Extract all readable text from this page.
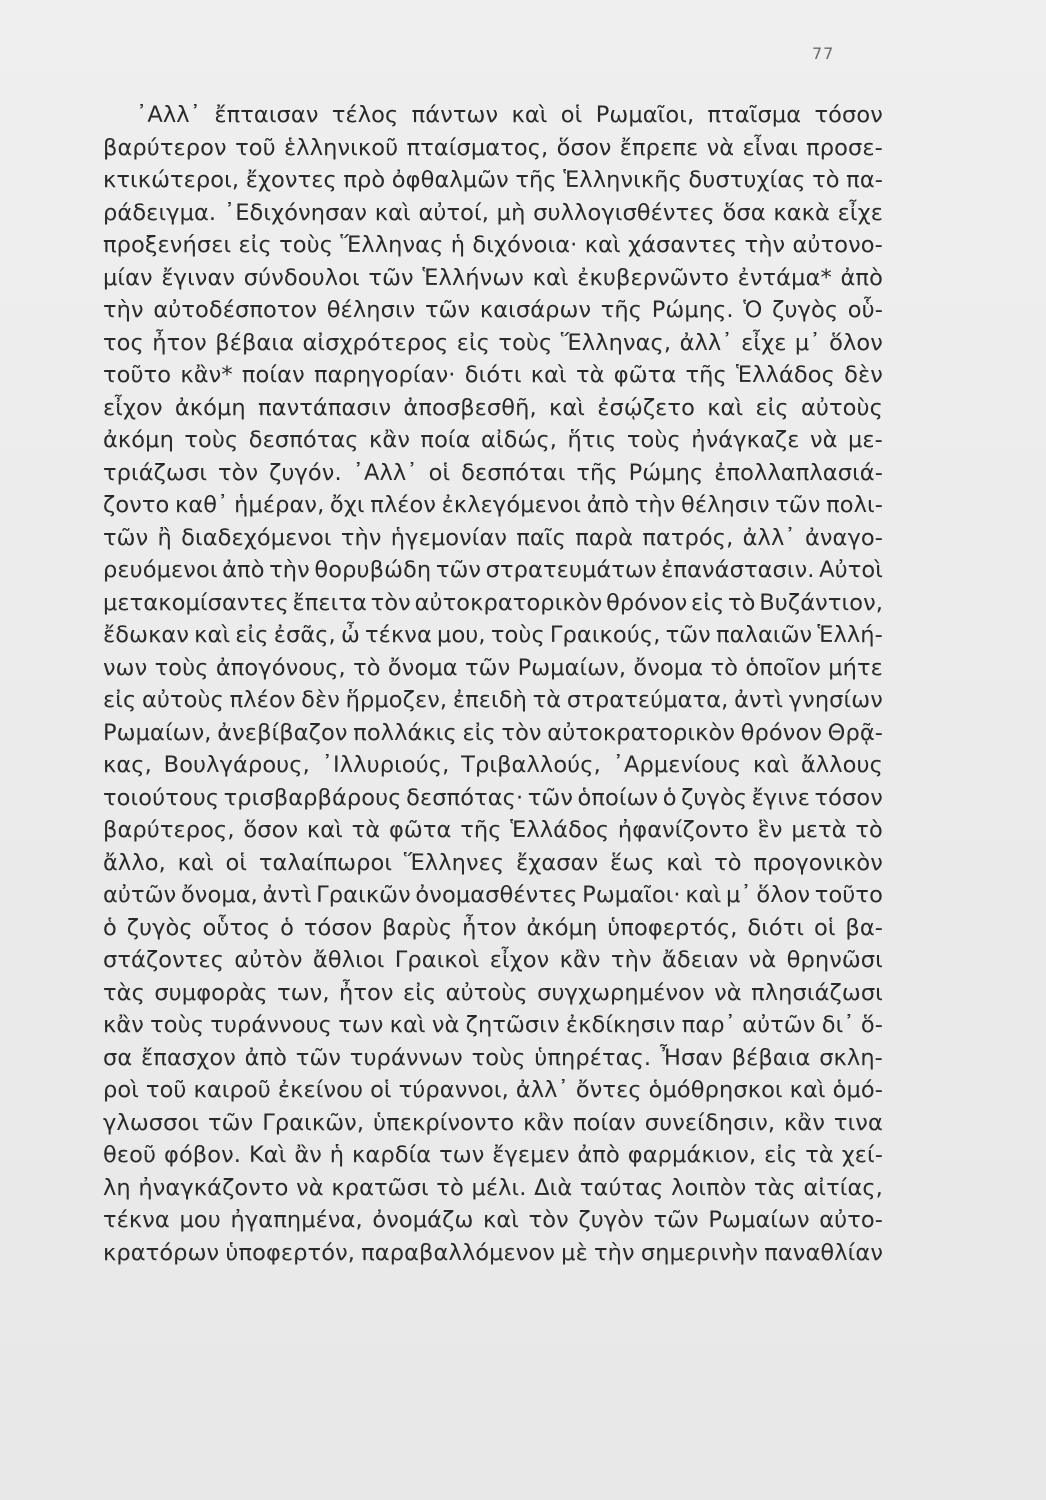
77
᾿Αλλ᾿ ἔπταισαν τέλος πάντων καὶ οἱ Ρωμαῖοι, πταῖσμα τόσον
βαρύτερον τοῦ ἑλληνικοῦ πταίσματος, ὅσον ἔπρεπε νὰ εἶναι προσε-
κτικώτεροι, ἔχοντες πρὸ ὀφθαλμῶν τῆς Ἑλληνικῆς δυστυχίας τὸ πα-
ράδειγμα. ᾿Εδιχόνησαν καὶ αὐτοί, μὴ συλλογισθέντες ὅσα κακὰ εἶχε
προξενήσει εἰς τοὺς Ἕλληνας ἡ διχόνοια· καὶ χάσαντες τὴν αὐτονο-
μίαν ἔγιναν σύνδουλοι τῶν Ἑλλήνων καὶ ἐκυβερνῶντο ἐντάμα* ἀπὸ
τὴν αὐτοδέσποτον θέλησιν τῶν καισάρων τῆς Ρώμης. Ὁ ζυγὸς οὗ-
τος ἦτον βέβαια αἰσχρότερος εἰς τοὺς Ἕλληνας, ἀλλ᾿ εἶχε μ᾿ ὅλον
τοῦτο κἂν* ποίαν παρηγορίαν· διότι καὶ τὰ φῶτα τῆς Ἑλλάδος δὲν
εἶχον ἀκόμη παντάπασιν ἀποσβεσθῆ, καὶ ἐσῴζετο καὶ εἰς αὐτοὺς
ἀκόμη τοὺς δεσπότας κἂν ποία αἰδώς, ἥτις τοὺς ἠνάγκαζε νὰ με-
τριάζωσι τὸν ζυγόν. ᾿Αλλ᾿ οἱ δεσπόται τῆς Ρώμης ἐπολλαπλασιά-
ζοντο καθ᾿ ἡμέραν, ὄχι πλέον ἐκλεγόμενοι ἀπὸ τὴν θέλησιν τῶν πολι-
τῶν ἢ διαδεχόμενοι τὴν ἡγεμονίαν παῖς παρὰ πατρός, ἀλλ᾿ ἀναγο-
ρευόμενοι ἀπὸ τὴν θορυβώδη τῶν στρατευμάτων ἐπανάστασιν. Αὐτοὶ
μετακομίσαντες ἔπειτα τὸν αὐτοκρατορικὸν θρόνον εἰς τὸ Βυζάντιον,
ἔδωκαν καὶ εἰς ἐσᾶς, ὦ τέκνα μου, τοὺς Γραικούς, τῶν παλαιῶν Ἑλλή-
νων τοὺς ἀπογόνους, τὸ ὄνομα τῶν Ρωμαίων, ὄνομα τὸ ὁποῖον μήτε
εἰς αὐτοὺς πλέον δὲν ἥρμοζεν, ἐπειδὴ τὰ στρατεύματα, ἀντὶ γνησίων
Ρωμαίων, ἀνεβίβαζον πολλάκις εἰς τὸν αὐτοκρατορικὸν θρόνον Θρᾷ-
κας, Βουλγάρους, ᾿Ιλλυριούς, Τριβαλλούς, ᾿Αρμενίους καὶ ἄλλους
τοιούτους τρισβαρβάρους δεσπότας· τῶν ὁποίων ὁ ζυγὸς ἔγινε τόσον
βαρύτερος, ὅσον καὶ τὰ φῶτα τῆς Ἑλλάδος ἠφανίζοντο ἓν μετὰ τὸ
ἄλλο, καὶ οἱ ταλαίπωροι Ἕλληνες ἔχασαν ἕως καὶ τὸ προγονικὸν
αὐτῶν ὄνομα, ἀντὶ Γραικῶν ὀνομασθέντες Ρωμαῖοι· καὶ μ᾿ ὅλον τοῦτο
ὁ ζυγὸς οὗτος ὁ τόσον βαρὺς ἦτον ἀκόμη ὑποφερτός, διότι οἱ βα-
στάζοντες αὐτὸν ἄθλιοι Γραικοὶ εἶχον κἂν τὴν ἄδειαν νὰ θρηνῶσι
τὰς συμφορὰς των, ἦτον εἰς αὐτοὺς συγχωρημένον νὰ πλησιάζωσι
κἂν τοὺς τυράννους των καὶ νὰ ζητῶσιν ἐκδίκησιν παρ᾿ αὐτῶν δι᾿ ὅ-
σα ἔπασχον ἀπὸ τῶν τυράννων τοὺς ὑπηρέτας. Ἦσαν βέβαια σκλη-
ροὶ τοῦ καιροῦ ἐκείνου οἱ τύραννοι, ἀλλ᾿ ὄντες ὁμόθρησκοι καὶ ὁμό-
γλωσσοι τῶν Γραικῶν, ὑπεκρίνοντο κἂν ποίαν συνείδησιν, κἂν τινα
θεοῦ φόβον. Καὶ ἂν ἡ καρδία των ἔγεμεν ἀπὸ φαρμάκιον, εἰς τὰ χεί-
λη ἠναγκάζοντο νὰ κρατῶσι τὸ μέλι. Διὰ ταύτας λοιπὸν τὰς αἰτίας,
τέκνα μου ἠγαπημένα, ὀνομάζω καὶ τὸν ζυγὸν τῶν Ρωμαίων αὐτο-
κρατόρων ὑποφερτόν, παραβαλλόμενον μὲ τὴν σημερινὴν παναθλίαν
